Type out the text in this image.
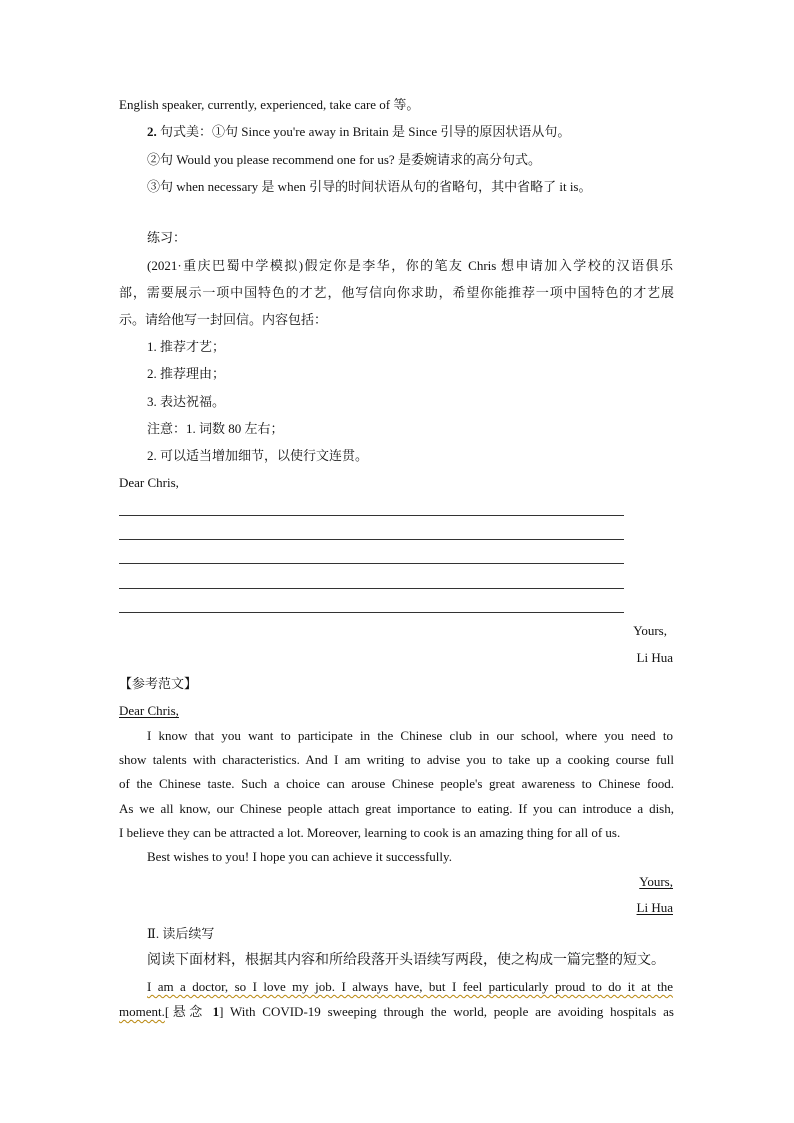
English speaker, currently, experienced, take care of 等。
2. 句式美：①句 Since you're away in Britain 是 Since 引导的原因状语从句。
②句 Would you please recommend one for us? 是委婉请求的高分句式。
③句 when necessary 是 when 引导的时间状语从句的省略句，其中省略了 it is。
练习：
(2021·重庆巴蜀中学模拟)假定你是李华，你的笔友 Chris 想申请加入学校的汉语俱乐
部，需要展示一项中国特色的才艺，他写信向你求助，希望你能推荐一项中国特色的才艺展
示。请给他写一封回信。内容包括：
1. 推荐才艺；
2. 推荐理由；
3. 表达祝福。
注意：1. 词数 80 左右；
2. 可以适当增加细节，以使行文连贯。
Dear Chris,
Yours,
Li Hua
【参考范文】
Dear Chris,
I know that you want to participate in the Chinese club in our school, where you need to
show talents with characteristics. And I am writing to advise you to take up a cooking course full
of the Chinese taste. Such a choice can arouse Chinese people's great awareness to Chinese food.
As we all know, our Chinese people attach great importance to eating. If you can introduce a dish,
I believe they can be attracted a lot. Moreover, learning to cook is an amazing thing for all of us.
Best wishes to you! I hope you can achieve it successfully.
Yours,
Li Hua
Ⅱ. 读后续写
阅读下面材料，根据其内容和所给段落开头语续写两段，使之构成一篇完整的短文。
I am a doctor, so I love my job. I always have, but I feel particularly proud to do it at the
moment.[悬念 1] With COVID-19 sweeping through the world, people are avoiding hospitals as
